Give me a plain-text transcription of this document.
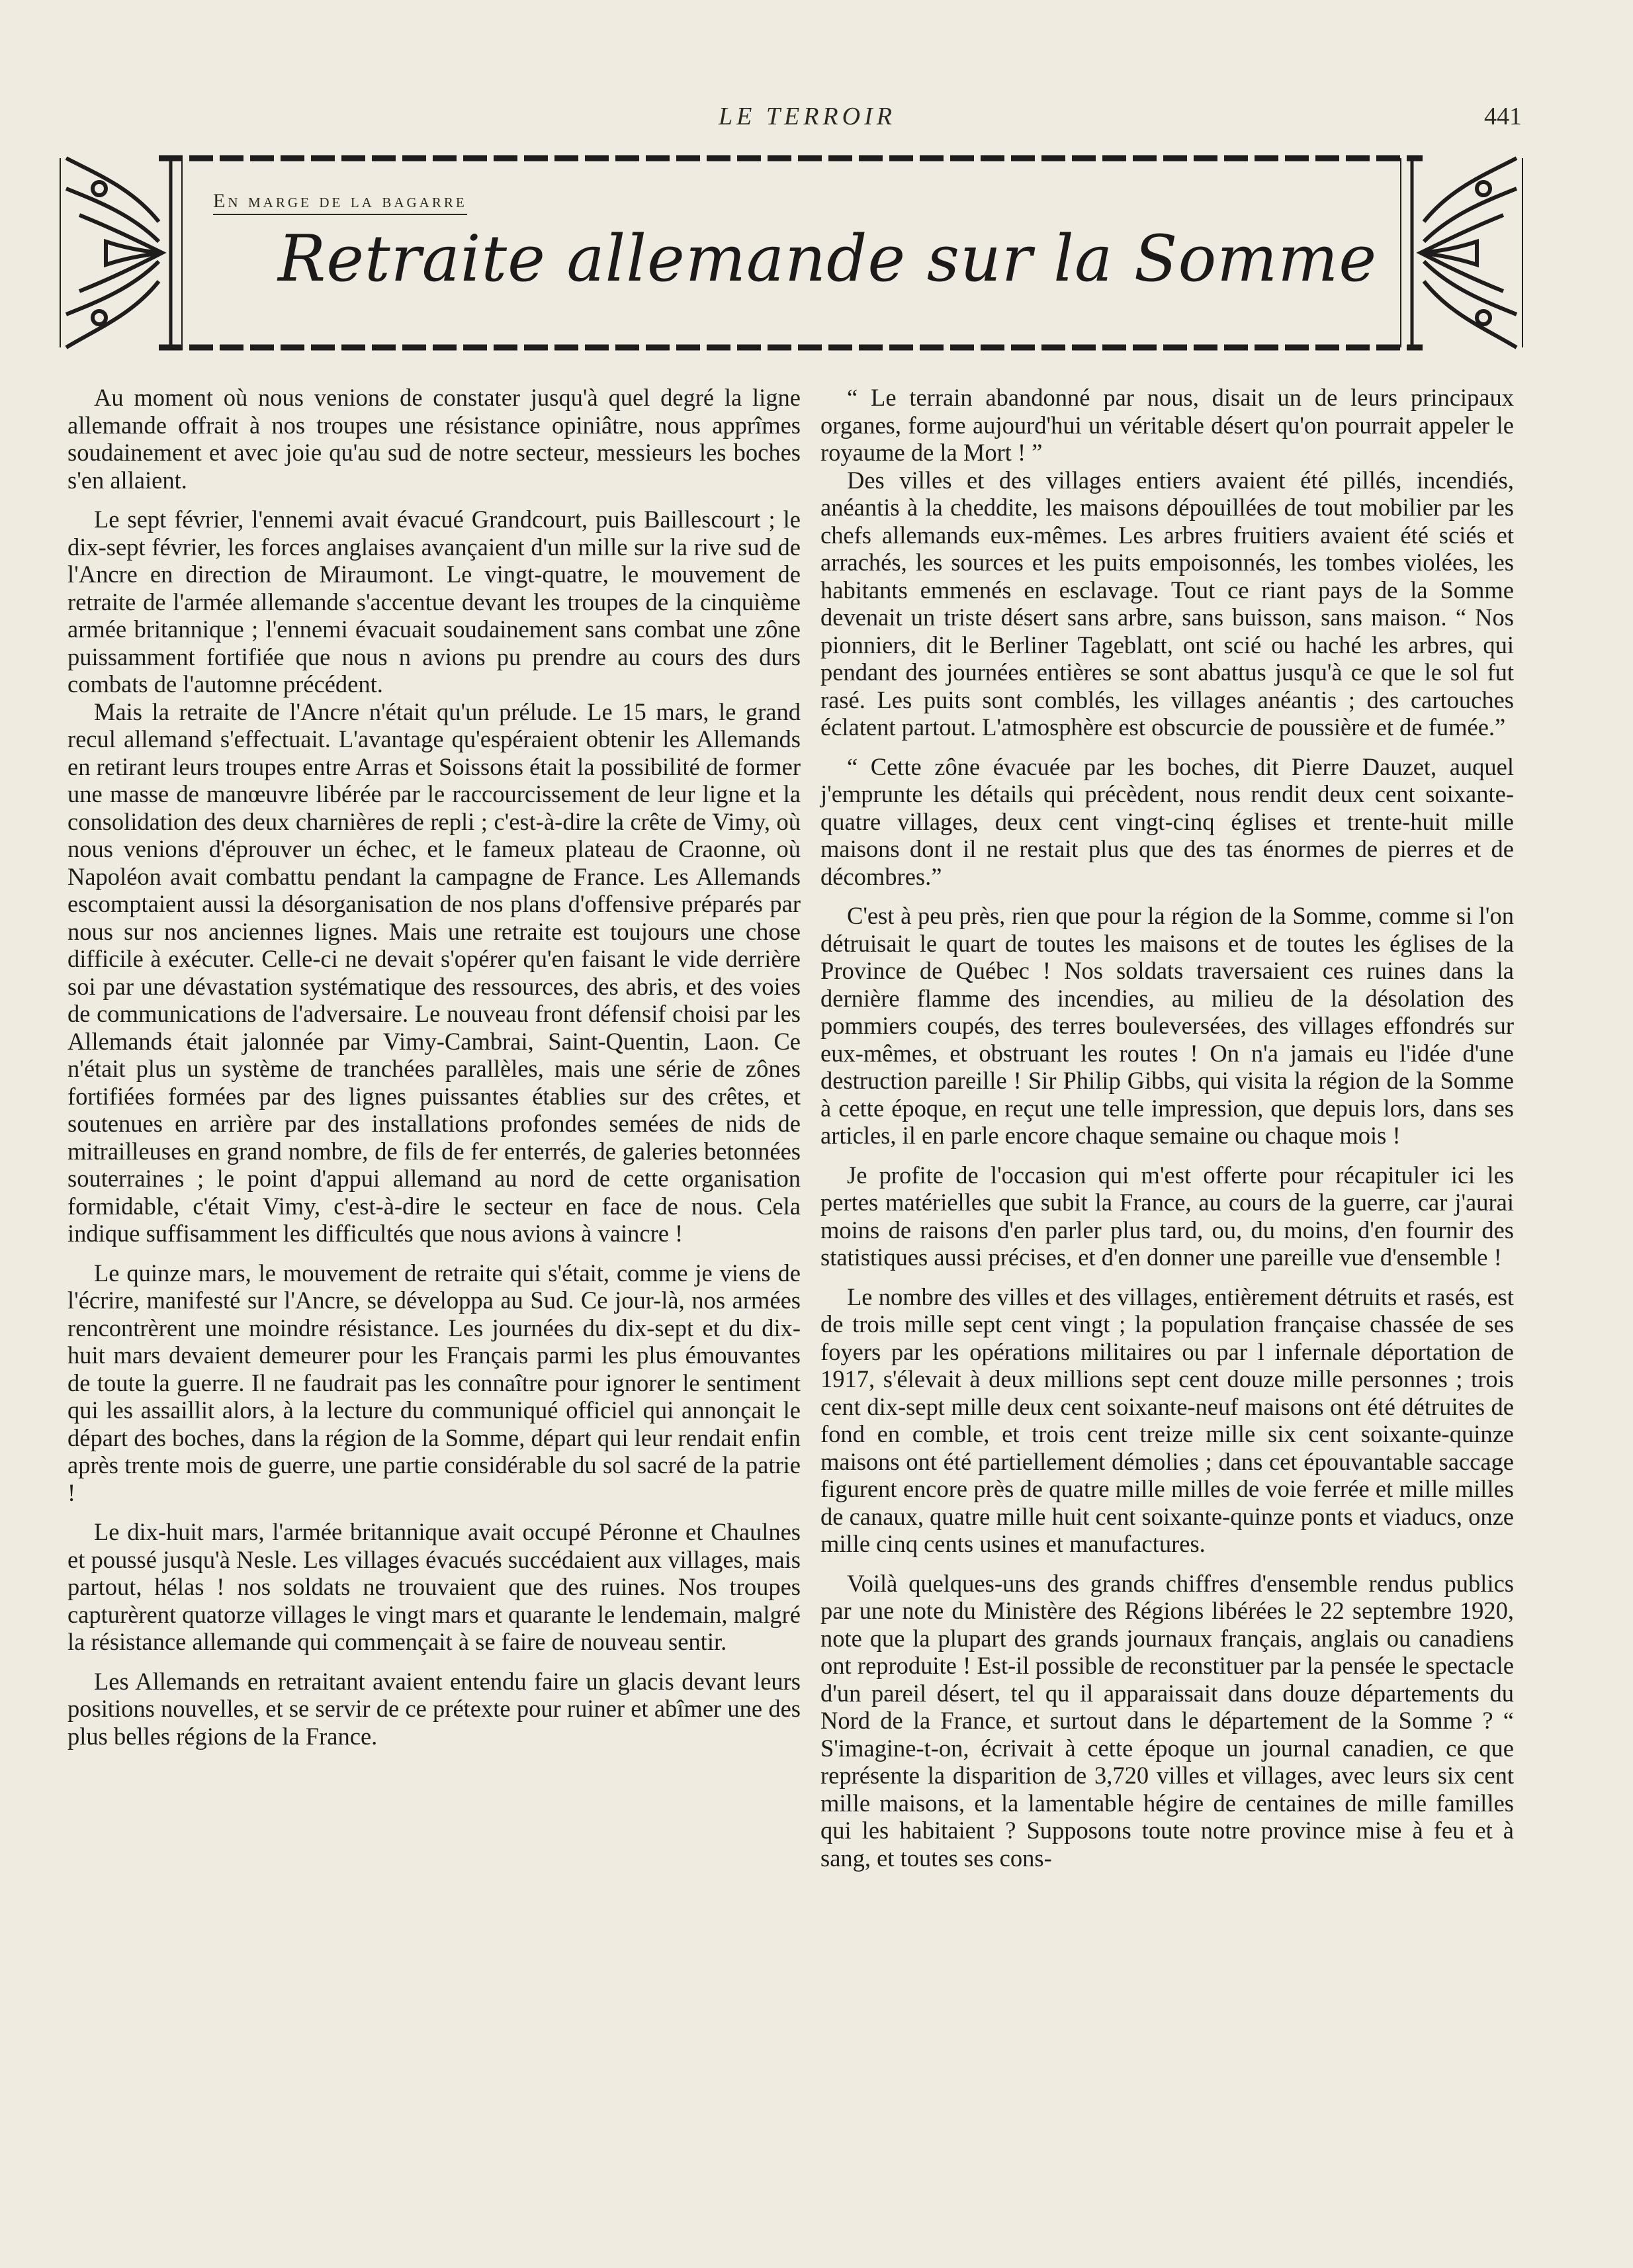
LE TERROIR	441
En marge de la bagarre
Retraite allemande sur la Somme

Au moment où nous venions de constater jusqu'à quel degré la ligne allemande offrait à nos troupes une résistance opiniâtre, nous apprîmes soudainement et avec joie qu'au sud de notre secteur, messieurs les boches s'en allaient.

Le sept février, l'ennemi avait évacué Grandcourt, puis Baillescourt ; le dix-sept février, les forces anglaises avançaient d'un mille sur la rive sud de l'Ancre en direction de Miraumont. Le vingt-quatre, le mouvement de retraite de l'armée allemande s'accentue devant les troupes de la cinquième armée britannique ; l'ennemi évacuait soudainement sans combat une zône puissamment fortifiée que nous n avions pu prendre au cours des durs combats de l'automne précédent.

Mais la retraite de l'Ancre n'était qu'un prélude. Le 15 mars, le grand recul allemand s'effectuait. L'avantage qu'espéraient obtenir les Allemands en retirant leurs troupes entre Arras et Soissons était la possibilité de former une masse de manœuvre libérée par le raccourcissement de leur ligne et la consolidation des deux charnières de repli ; c'est-à-dire la crête de Vimy, où nous venions d'éprouver un échec, et le fameux plateau de Craonne, où Napoléon avait combattu pendant la campagne de France. Les Allemands escomptaient aussi la désorganisation de nos plans d'offensive préparés par nous sur nos anciennes lignes. Mais une retraite est toujours une chose difficile à exécuter. Celle-ci ne devait s'opérer qu'en faisant le vide derrière soi par une dévastation systématique des ressources, des abris, et des voies de communications de l'adversaire. Le nouveau front défensif choisi par les Allemands était jalonnée par Vimy-Cambrai, Saint-Quentin, Laon. Ce n'était plus un système de tranchées parallèles, mais une série de zônes fortifiées formées par des lignes puissantes établies sur des crêtes, et soutenues en arrière par des installations profondes semées de nids de mitrailleuses en grand nombre, de fils de fer enterrés, de galeries betonnées souterraines ; le point d'appui allemand au nord de cette organisation formidable, c'était Vimy, c'est-à-dire le secteur en face de nous. Cela indique suffisamment les difficultés que nous avions à vaincre !

Le quinze mars, le mouvement de retraite qui s'était, comme je viens de l'écrire, manifesté sur l'Ancre, se développa au Sud. Ce jour-là, nos armées rencontrèrent une moindre résistance. Les journées du dix-sept et du dix-huit mars devaient demeurer pour les Français parmi les plus émouvantes de toute la guerre. Il ne faudrait pas les connaître pour ignorer le sentiment qui les assaillit alors, à la lecture du communiqué officiel qui annonçait le départ des boches, dans la région de la Somme, départ qui leur rendait enfin après trente mois de guerre, une partie considérable du sol sacré de la patrie !

Le dix-huit mars, l'armée britannique avait occupé Péronne et Chaulnes et poussé jusqu'à Nesle. Les villages évacués succédaient aux villages, mais partout, hélas ! nos soldats ne trouvaient que des ruines. Nos troupes capturèrent quatorze villages le vingt mars et quarante le lendemain, malgré la résistance allemande qui commençait à se faire de nouveau sentir.

Les Allemands en retraitant avaient entendu faire un glacis devant leurs positions nouvelles, et se servir de ce prétexte pour ruiner et abîmer une des plus belles régions de la France.

“ Le terrain abandonné par nous, disait un de leurs principaux organes, forme aujourd'hui un véritable désert qu'on pourrait appeler le royaume de la Mort ! ”

Des villes et des villages entiers avaient été pillés, incendiés, anéantis à la cheddite, les maisons dépouillées de tout mobilier par les chefs allemands eux-mêmes. Les arbres fruitiers avaient été sciés et arrachés, les sources et les puits empoisonnés, les tombes violées, les habitants emmenés en esclavage. Tout ce riant pays de la Somme devenait un triste désert sans arbre, sans buisson, sans maison. “ Nos pionniers, dit le Berliner Tageblatt, ont scié ou haché les arbres, qui pendant des journées entières se sont abattus jusqu'à ce que le sol fut rasé. Les puits sont comblés, les villages anéantis ; des cartouches éclatent partout. L'atmosphère est obscurcie de poussière et de fumée.”

“ Cette zône évacuée par les boches, dit Pierre Dauzet, auquel j'emprunte les détails qui précèdent, nous rendit deux cent soixante-quatre villages, deux cent vingt-cinq églises et trente-huit mille maisons dont il ne restait plus que des tas énormes de pierres et de décombres.”

C'est à peu près, rien que pour la région de la Somme, comme si l'on détruisait le quart de toutes les maisons et de toutes les églises de la Province de Québec ! Nos soldats traversaient ces ruines dans la dernière flamme des incendies, au milieu de la désolation des pommiers coupés, des terres bouleversées, des villages effondrés sur eux-mêmes, et obstruant les routes ! On n'a jamais eu l'idée d'une destruction pareille ! Sir Philip Gibbs, qui visita la région de la Somme à cette époque, en reçut une telle impression, que depuis lors, dans ses articles, il en parle encore chaque semaine ou chaque mois !

Je profite de l'occasion qui m'est offerte pour récapituler ici les pertes matérielles que subit la France, au cours de la guerre, car j'aurai moins de raisons d'en parler plus tard, ou, du moins, d'en fournir des statistiques aussi précises, et d'en donner une pareille vue d'ensemble !

Le nombre des villes et des villages, entièrement détruits et rasés, est de trois mille sept cent vingt ; la population française chassée de ses foyers par les opérations militaires ou par l infernale déportation de 1917, s'élevait à deux millions sept cent douze mille personnes ; trois cent dix-sept mille deux cent soixante-neuf maisons ont été détruites de fond en comble, et trois cent treize mille six cent soixante-quinze maisons ont été partiellement démolies ; dans cet épouvantable saccage figurent encore près de quatre mille milles de voie ferrée et mille milles de canaux, quatre mille huit cent soixante-quinze ponts et viaducs, onze mille cinq cents usines et manufactures.

Voilà quelques-uns des grands chiffres d'ensemble rendus publics par une note du Ministère des Régions libérées le 22 septembre 1920, note que la plupart des grands journaux français, anglais ou canadiens ont reproduite ! Est-il possible de reconstituer par la pensée le spectacle d'un pareil désert, tel qu il apparaissait dans douze départements du Nord de la France, et surtout dans le département de la Somme ? “ S'imagine-t-on, écrivait à cette époque un journal canadien, ce que représente la disparition de 3,720 villes et villages, avec leurs six cent mille maisons, et la lamentable hégire de centaines de mille familles qui les habitaient ? Supposons toute notre province mise à feu et à sang, et toutes ses cons-
